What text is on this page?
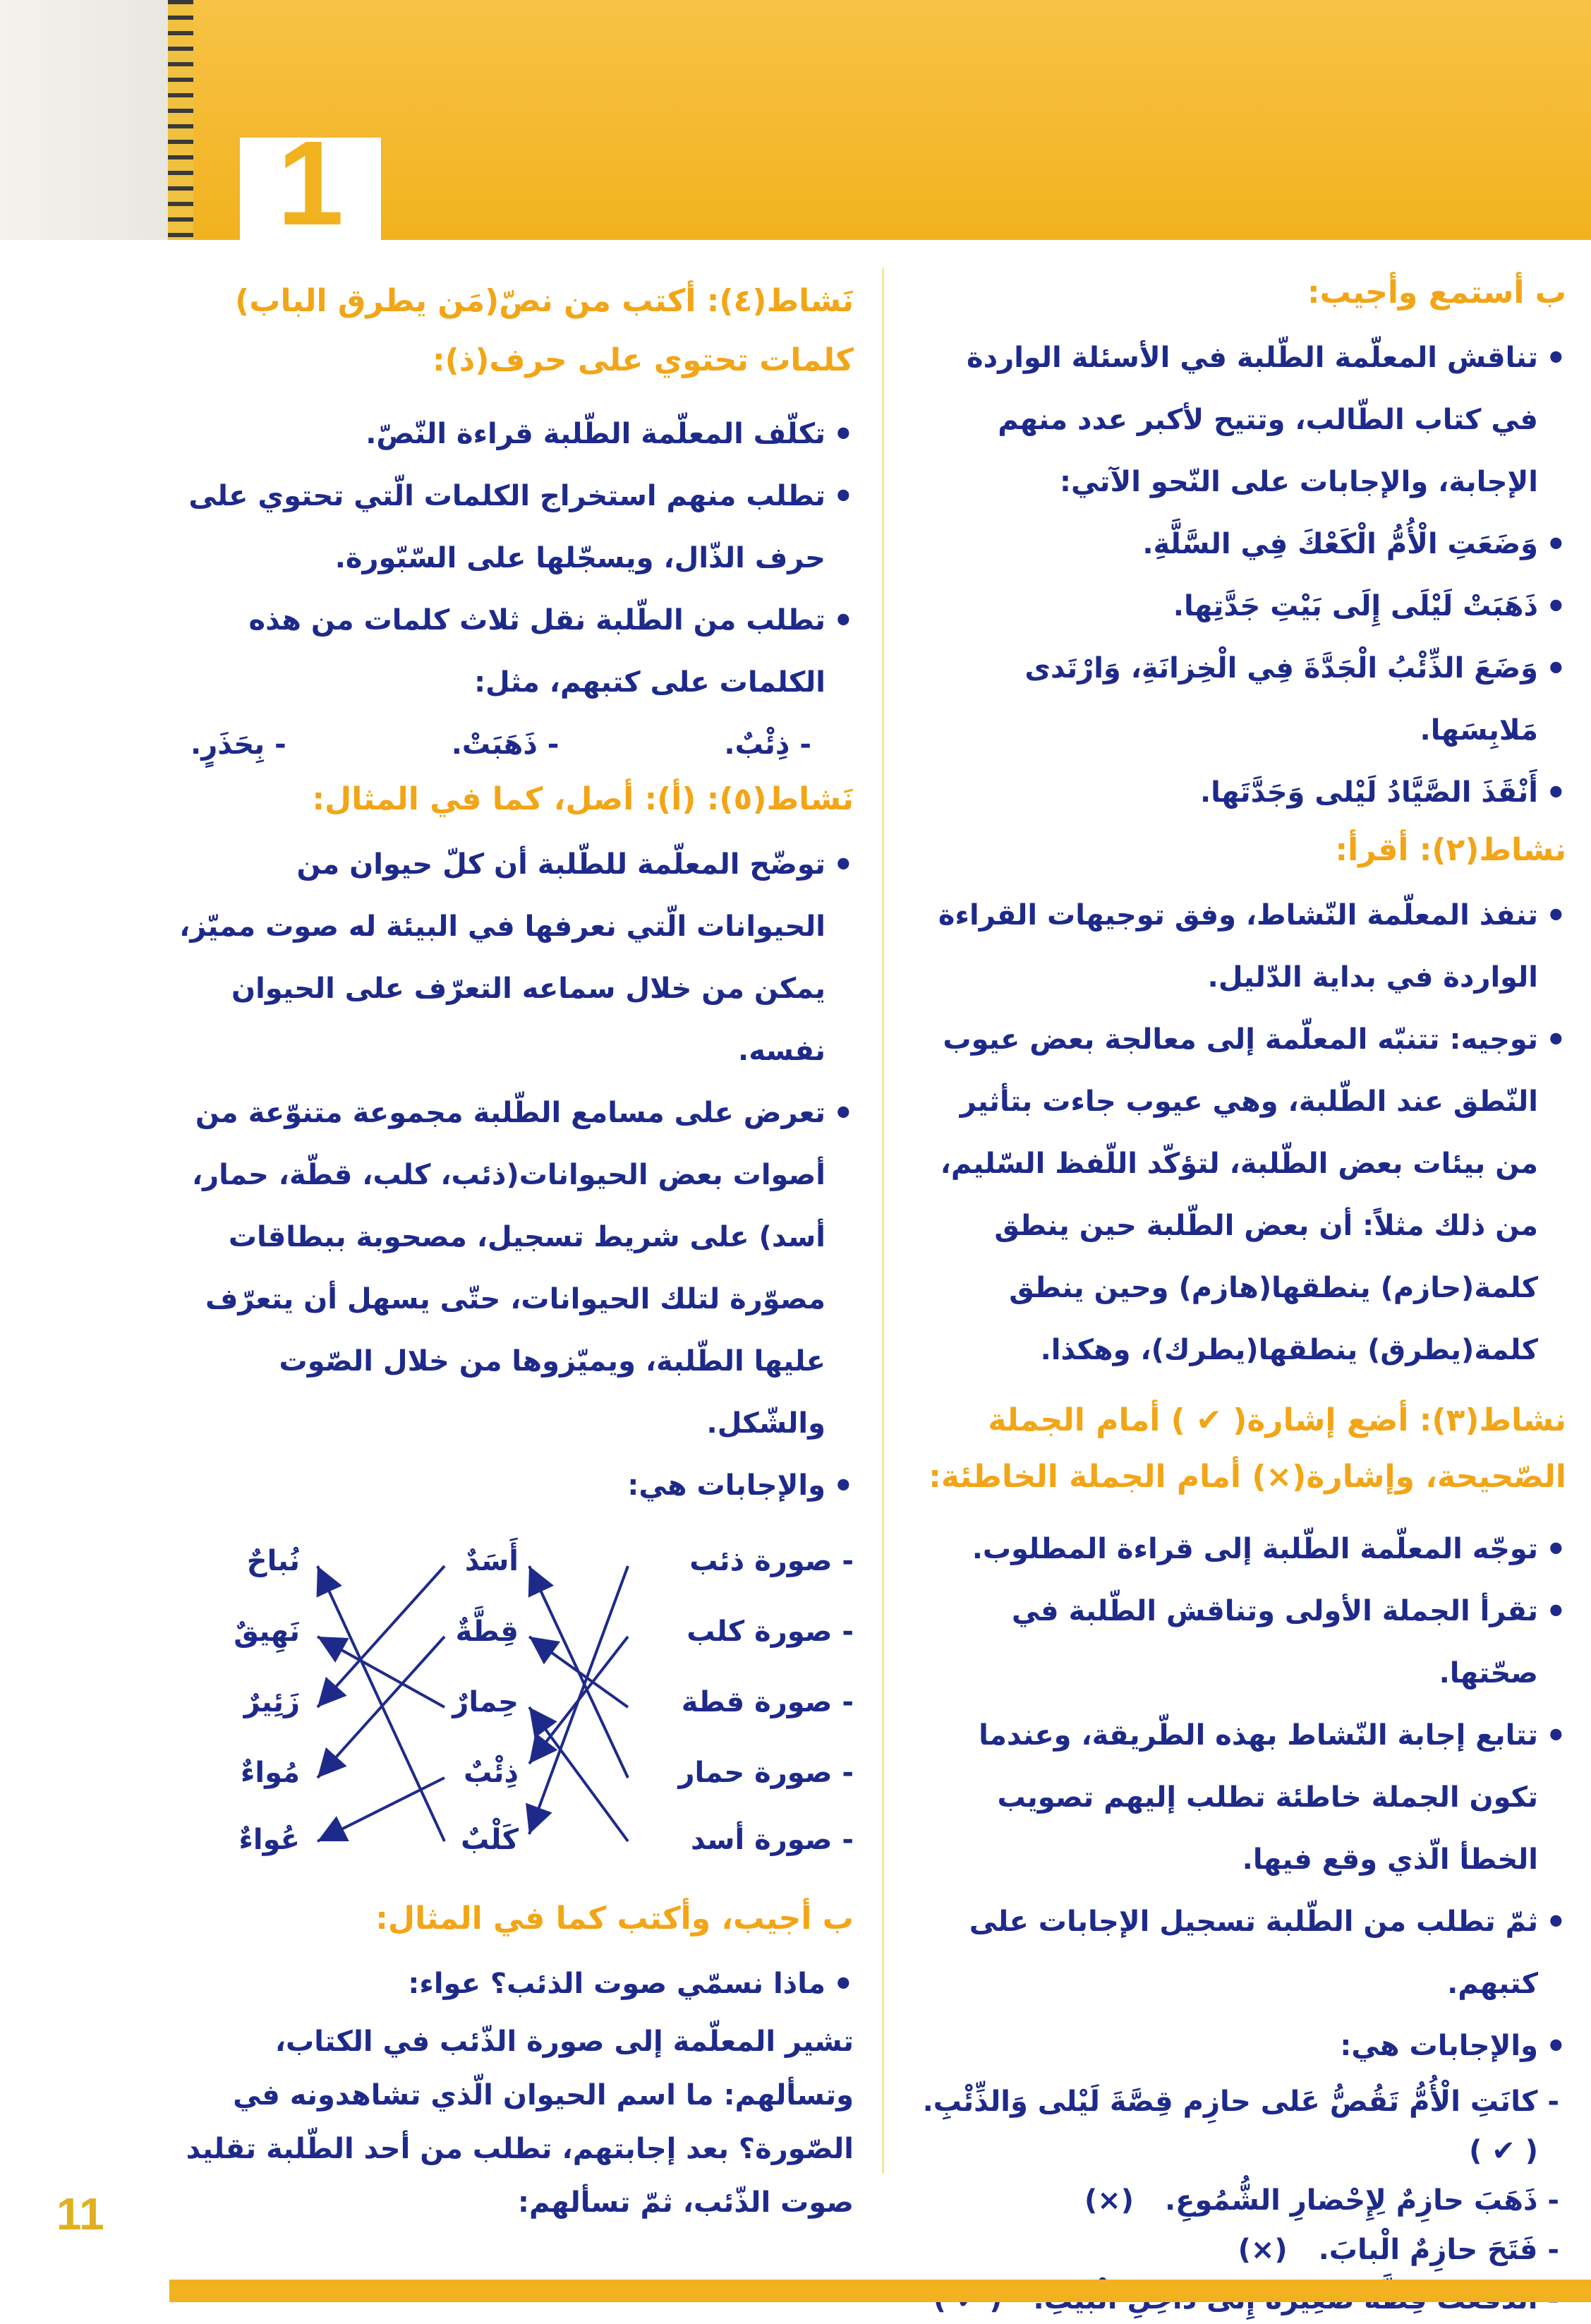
1
ب أستمع وأجيب:

• تناقش المعلّمة الطّلبة في الأسئلة الواردة في كتاب الطّالب، وتتيح لأكبر عدد منهم الإجابة، والإجابات على النّحو الآتي:

• وَضَعَتِ الْأُمُّ الْكَعْكَ فِي السَّلَّةِ.

• ذَهَبَتْ لَيْلَى إِلَى بَيْتِ جَدَّتِها.

• وَضَعَ الذِّئْبُ الْجَدَّةَ فِي الْخِزانَةِ، وَارْتَدى مَلابِسَها.

• أَنْقَذَ الصَّيَّادُ لَيْلى وَجَدَّتَها.

نشاط(٢): أقرأ:

• تنفذ المعلّمة النّشاط، وفق توجيهات القراءة الواردة في بداية الدّليل.

• توجيه: تتنبّه المعلّمة إلى معالجة بعض عيوب النّطق عند الطّلبة، وهي عيوب جاءت بتأثير من بيئات بعض الطّلبة، لتؤكّد اللّفظ السّليم، من ذلك مثلاً: أن بعض الطّلبة حين ينطق كلمة(حازم) ينطقها(هازم) وحين ينطق كلمة(يطرق) ينطقها(يطرك)، وهكذا.

نشاط(٣): أضع إشارة( ✔ ) أمام الجملة الصّحيحة، وإشارة(×) أمام الجملة الخاطئة:

• توجّه المعلّمة الطّلبة إلى قراءة المطلوب.

• تقرأ الجملة الأولى وتناقش الطّلبة في صحّتها.

• تتابع إجابة النّشاط بهذه الطّريقة، وعندما تكون الجملة خاطئة تطلب إليهم تصويب الخطأ الّذي وقع فيها.

• ثمّ تطلب من الطّلبة تسجيل الإجابات على كتبهم.

• والإجابات هي:

- كانَتِ الْأُمُّ تَقُصُّ عَلى حازِم قِصَّةَ لَيْلى وَالذِّئْبِ. ( ✔ )
- ذَهَبَ حازِمٌ لِإِحْضارِ الشُّمُوعِ. (×)
- فَتَحَ حازِمٌ الْبابَ. (×)
نَشاط(٤): أكتب من نصّ(مَن يطرق الباب) كلمات تحتوي على حرف(ذ):

• تكلّف المعلّمة الطّلبة قراءة النّصّ.

• تطلب منهم استخراج الكلمات الّتي تحتوي على حرف الذّال، ويسجّلها على السّبّورة.

• تطلب من الطّلبة نقل ثلاث كلمات من هذه الكلمات على كتبهم، مثل:

- ذِئْبٌ.
- ذَهَبَتْ.
- بِحَذَرٍ.
نَشاط(٥): (أ): أصل، كما في المثال:

• توضّح المعلّمة للطّلبة أن كلّ حيوان من الحيوانات الّتي نعرفها في البيئة له صوت مميّز، يمكن من خلال سماعه التعرّف على الحيوان نفسه.

• تعرض على مسامع الطّلبة مجموعة متنوّعة من أصوات بعض الحيوانات(ذئب، كلب، قطّة، حمار، أسد) على شريط تسجيل، مصحوبة ببطاقات مصوّرة لتلك الحيوانات، حتّى يسهل أن يتعرّف عليها الطّلبة، ويميّزوها من خلال الصّوت والشّكل.

• والإجابات هي:

- صورة ذئب
- صورة كلب
- صورة قطة
- صورة حمار
- صورة أسد
أَسَدٌ
قِطَّةٌ
حِمارٌ
ذِئْبٌ
كَلْبٌ
نُباحٌ
نَهِيقٌ
زَئِيرٌ
مُواءٌ
عُواءٌ
ب أجيب، وأكتب كما في المثال:

• ماذا نسمّي صوت الذئب؟ عواء:

تشير المعلّمة إلى صورة الذّئب في الكتاب، وتسألهم: ما اسم الحيوان الّذي تشاهدونه في الصّورة؟ بعد إجابتهم، تطلب من أحد الطّلبة تقليد صوت الذّئب، ثمّ تسألهم:

11
